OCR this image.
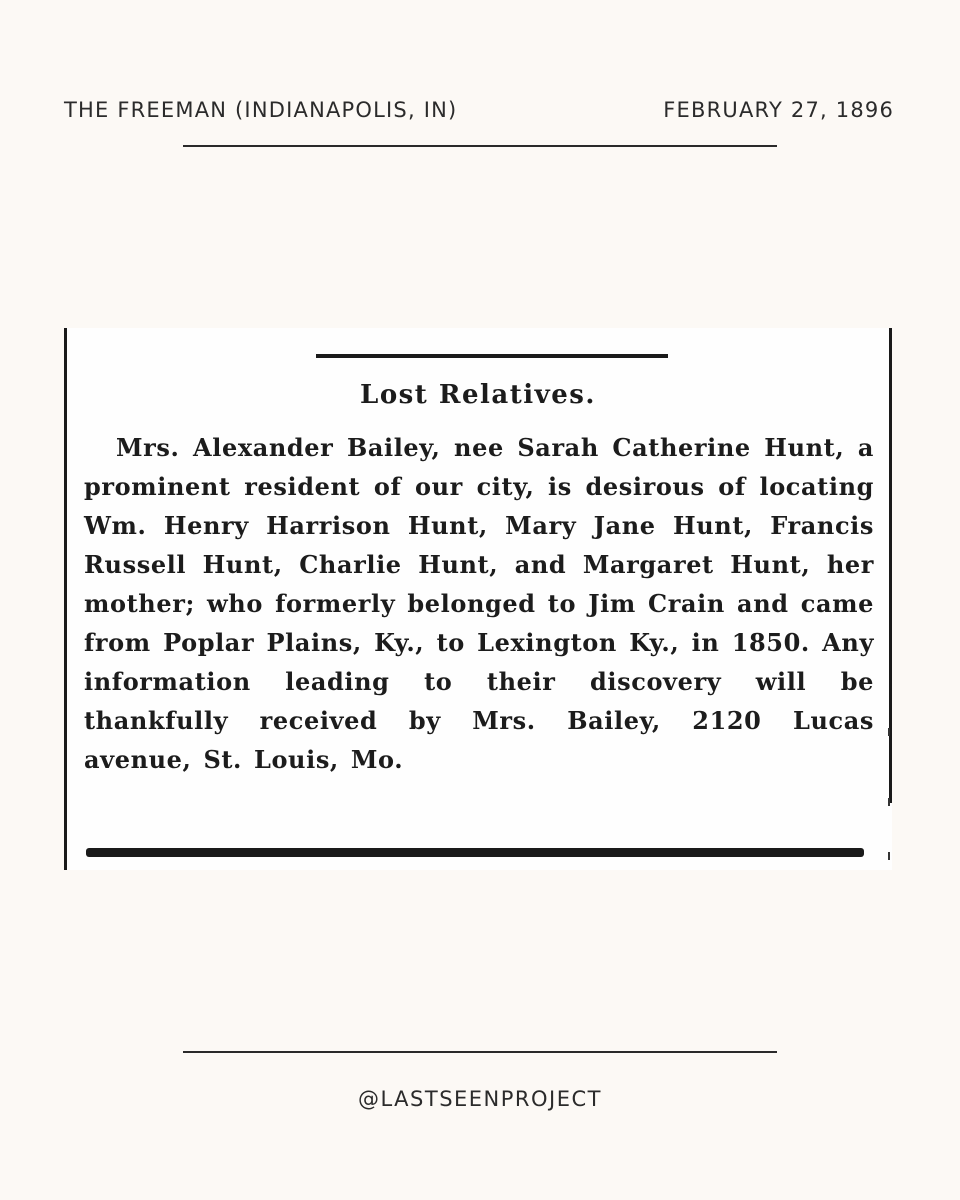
THE FREEMAN (INDIANAPOLIS, IN)	FEBRUARY 27, 1896
Lost Relatives.
Mrs. Alexander Bailey, nee Sarah Catherine Hunt, a prominent resident of our city, is desirous of locating Wm. Henry Harrison Hunt, Mary Jane Hunt, Francis Russell Hunt, Charlie Hunt, and Margaret Hunt, her mother; who formerly belonged to Jim Crain and came from Poplar Plains, Ky., to Lexington Ky., in 1850. Any information leading to their discovery will be thankfully received by Mrs. Bailey, 2120 Lucas avenue, St. Louis, Mo.
@LASTSEENPROJECT
